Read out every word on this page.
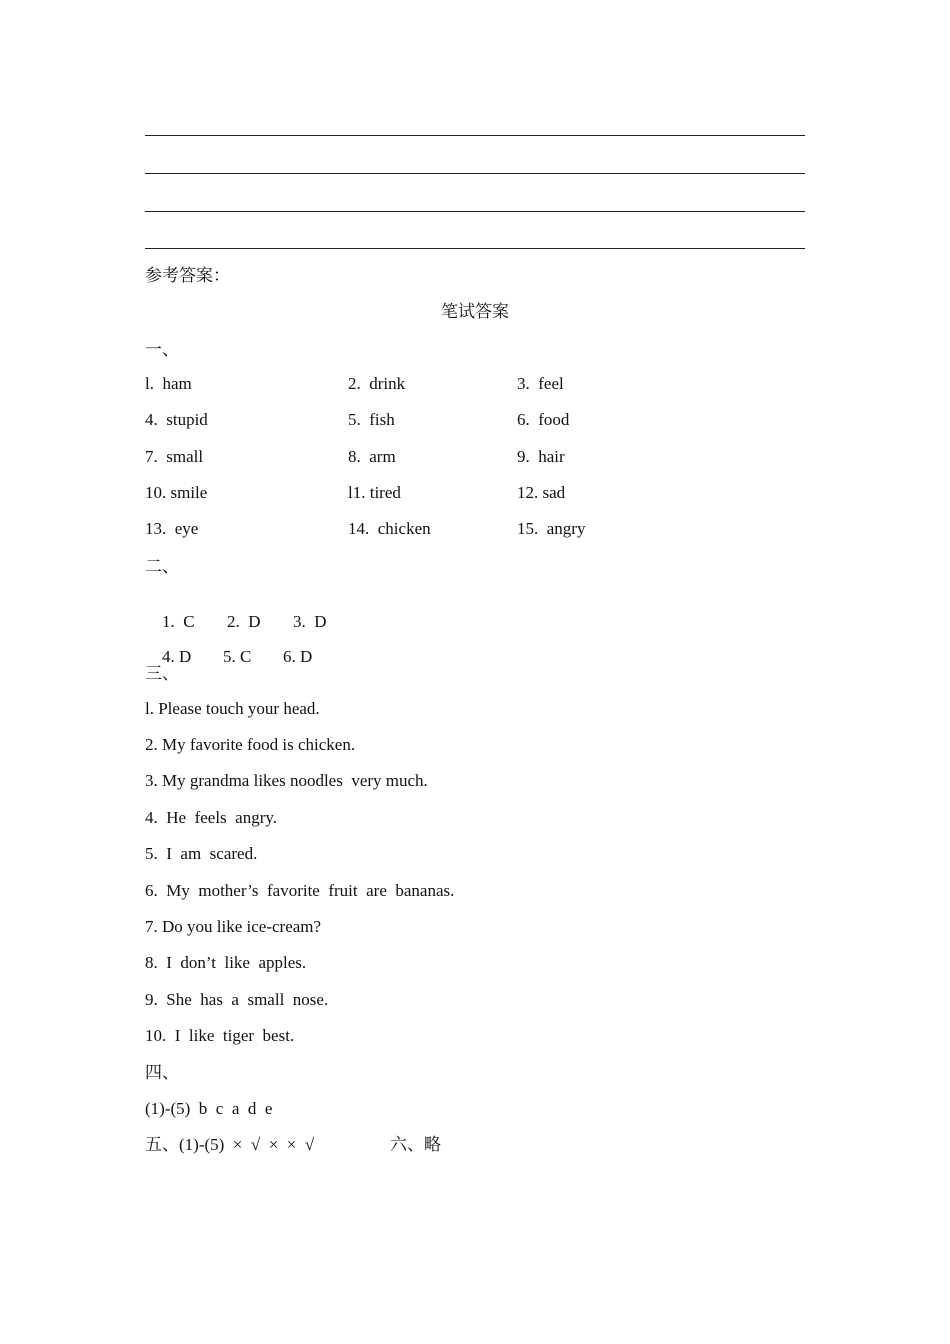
参考答案：
笔试答案
一、
l.  ham	2.  drink	3.  feel
4.  stupid	5.  fish	6.  food
7.  small	8.  arm	9.  hair
10. smile	l1. tired	12. sad
13.  eye	14.  chicken	15.  angry
二、

1.  C 2.  D 3.  D

4. D 5. C 6. D

三、
l. Please touch your head.
2. My favorite food is chicken.
3. My grandma likes noodles  very much.
4.  He  feels  angry.
5.  I  am  scared.
6.  My  mother’s  favorite  fruit  are  bananas.
7. Do you like ice-cream?
8.  I  don’t  like  apples.
9.  She  has  a  small  nose.
10.  I  like  tiger  best.
四、
(1)-(5)  b  c  a  d  e
五、(1)-(5)  ×  √  ×  ×  √	六、略
